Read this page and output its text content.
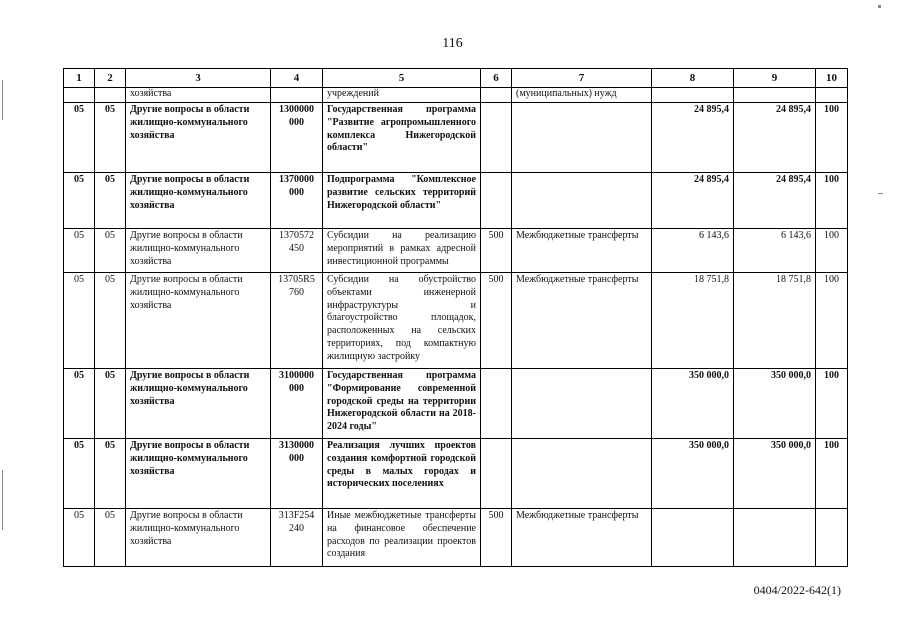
116
1	2	3	4	5	6	7	8	9	10
		хозяйства		учреждений		(муниципальных) нужд			
05	05	Другие вопросы в области жилищно-коммунального хозяйства	1300000 000	Государственная программа "Развитие агропромышленного комплекса Нижегородской области"			24 895,4	24 895,4	100
05	05	Другие вопросы в области жилищно-коммунального хозяйства	1370000 000	Подпрограмма "Комплексное развитие сельских территорий Нижегородской области"			24 895,4	24 895,4	100
05	05	Другие вопросы в области жилищно-коммунального хозяйства	1370572 450	Субсидии на реализацию мероприятий в рамках адресной инвестиционной программы	500	Межбюджетные трансферты	6 143,6	6 143,6	100
05	05	Другие вопросы в области жилищно-коммунального хозяйства	13705R5 760	Субсидии на обустройство объектами инженерной инфраструктуры и благоустройство площадок, расположенных на сельских территориях, под компактную жилищную застройку	500	Межбюджетные трансферты	18 751,8	18 751,8	100
05	05	Другие вопросы в области жилищно-коммунального хозяйства	3100000 000	Государственная программа "Формирование современной городской среды на территории Нижегородской области на 2018-2024 годы"			350 000,0	350 000,0	100
05	05	Другие вопросы в области жилищно-коммунального хозяйства	3130000 000	Реализация лучших проектов создания комфортной городской среды в малых городах и исторических поселениях			350 000,0	350 000,0	100
05	05	Другие вопросы в области жилищно-коммунального хозяйства	313F254 240	Иные межбюджетные трансферты на финансовое обеспечение расходов по реализации проектов создания	500	Межбюджетные трансферты			
0404/2022-642(1)
